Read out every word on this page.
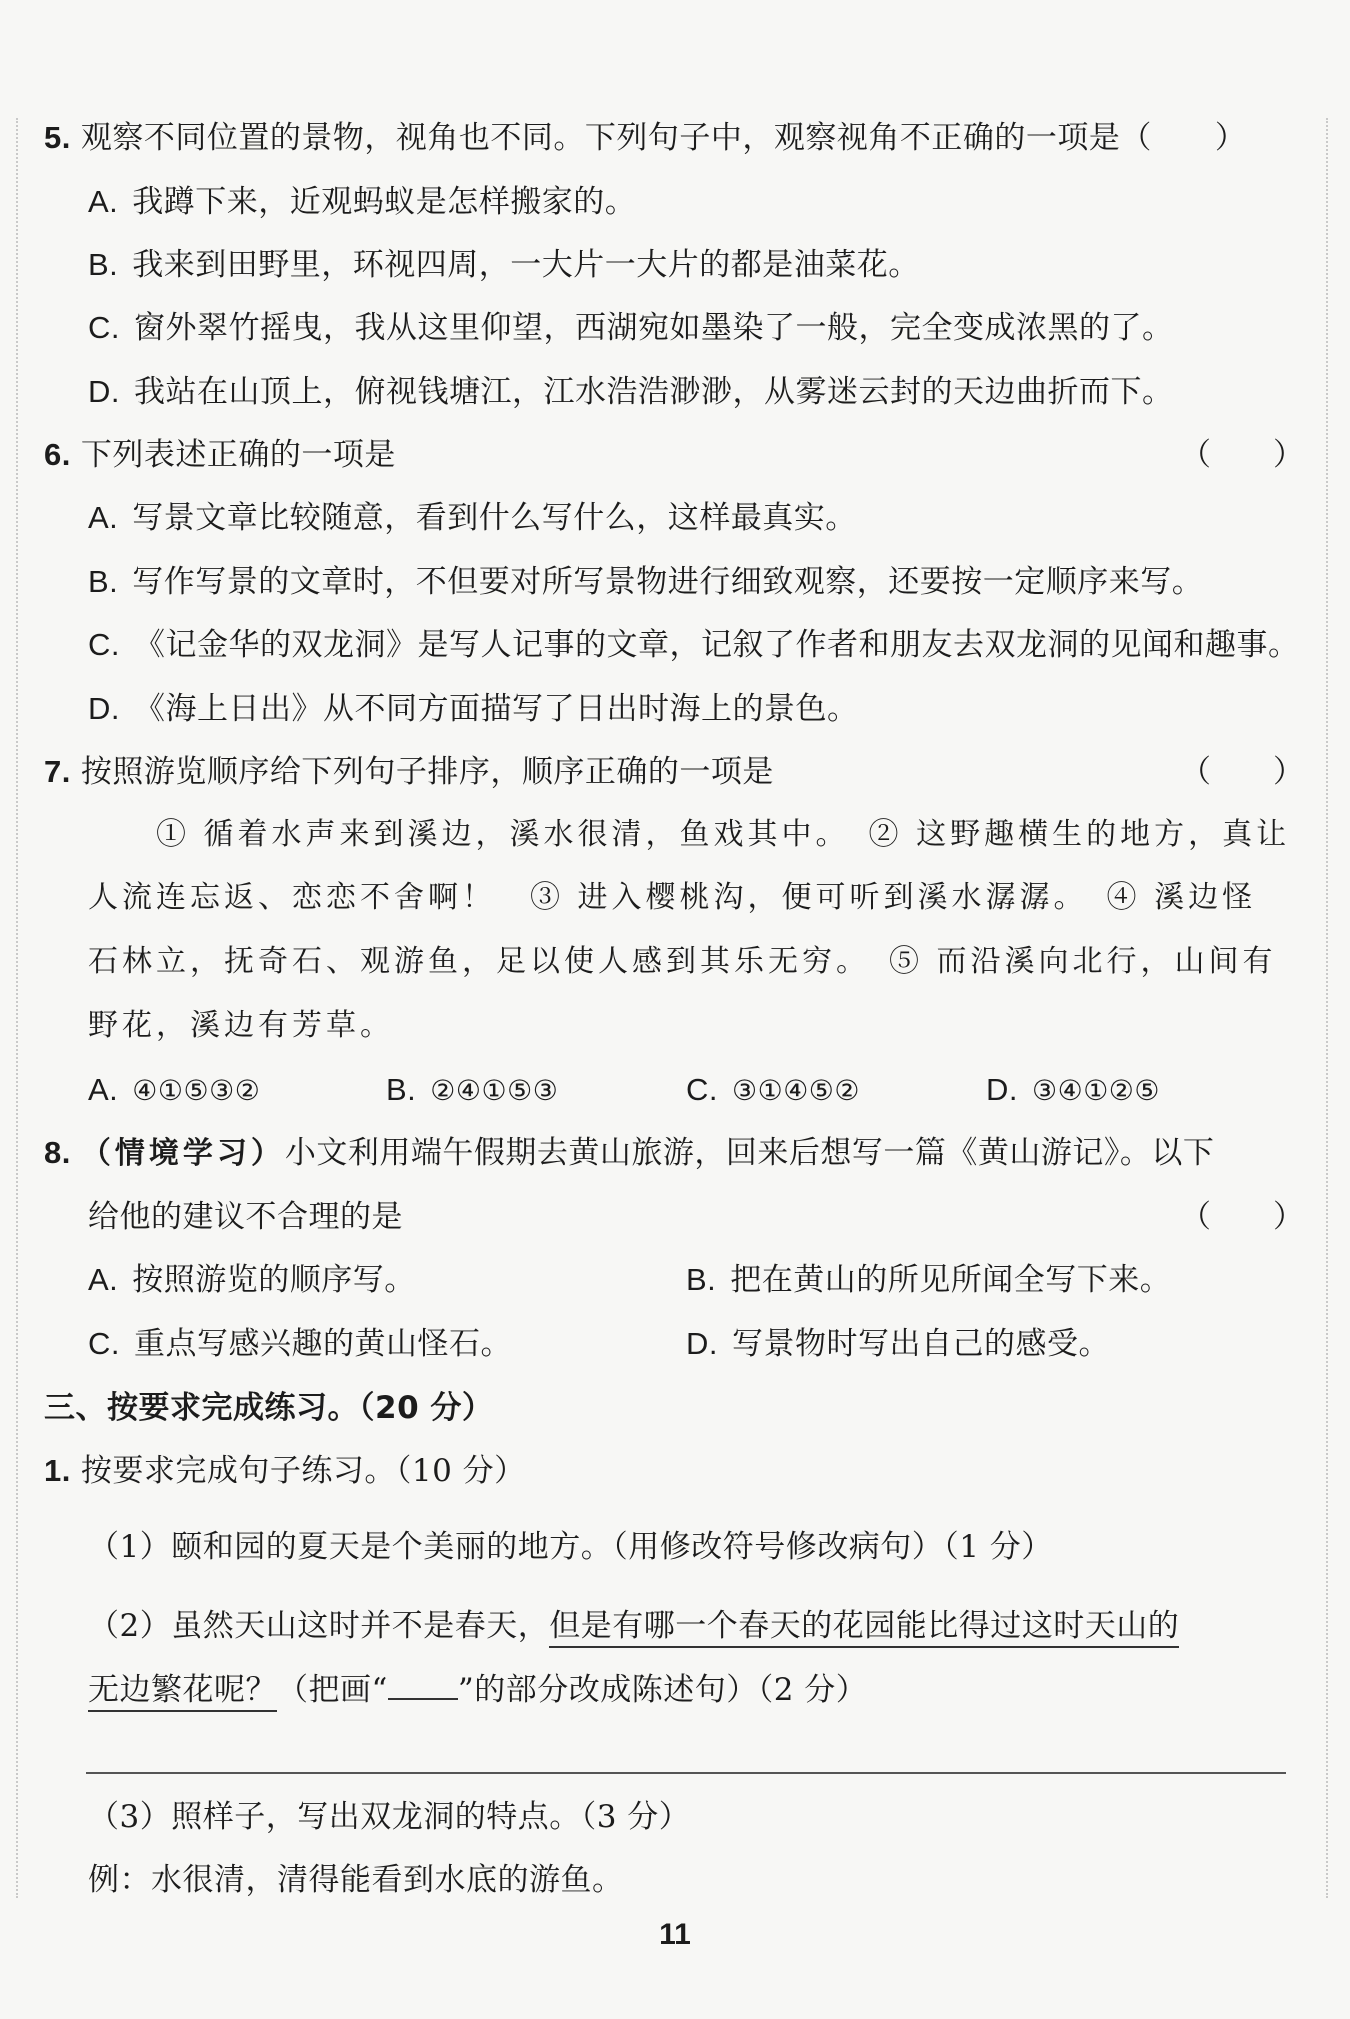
5. 观察不同位置的景物，视角也不同。下列句子中，观察视角不正确的一项是（　　）
A. 我蹲下来，近观蚂蚁是怎样搬家的。
B. 我来到田野里，环视四周，一大片一大片的都是油菜花。
C. 窗外翠竹摇曳，我从这里仰望，西湖宛如墨染了一般，完全变成浓黑的了。
D. 我站在山顶上，俯视钱塘江，江水浩浩渺渺，从雾迷云封的天边曲折而下。
6. 下列表述正确的一项是	（　　）
A. 写景文章比较随意，看到什么写什么，这样最真实。
B. 写作写景的文章时，不但要对所写景物进行细致观察，还要按一定顺序来写。
C. 《记金华的双龙洞》是写人记事的文章，记叙了作者和朋友去双龙洞的见闻和趣事。
D. 《海上日出》从不同方面描写了日出时海上的景色。
7. 按照游览顺序给下列句子排序，顺序正确的一项是	（　　）
① 循着水声来到溪边，溪水很清，鱼戏其中。　② 这野趣横生的地方，真让
人流连忘返、恋恋不舍啊！　③ 进入樱桃沟，便可听到溪水潺潺。　④ 溪边怪
石林立，抚奇石、观游鱼，足以使人感到其乐无穷。　⑤ 而沿溪向北行，山间有
野花，溪边有芳草。
A. ④①⑤③②	B. ②④①⑤③	C. ③①④⑤②	D. ③④①②⑤
8. （情境学习）小文利用端午假期去黄山旅游，回来后想写一篇《黄山游记》。以下
给他的建议不合理的是	（　　）
A. 按照游览的顺序写。	B. 把在黄山的所见所闻全写下来。
C. 重点写感兴趣的黄山怪石。	D. 写景物时写出自己的感受。
三、按要求完成练习。（20 分）
1. 按要求完成句子练习。（10 分）
（1）颐和园的夏天是个美丽的地方。（用修改符号修改病句）（1 分）
（2）虽然天山这时并不是春天，但是有哪一个春天的花园能比得过这时天山的
无边繁花呢？（把画“ ”的部分改成陈述句）（2 分）
（3）照样子，写出双龙洞的特点。（3 分）
例：水很清，清得能看到水底的游鱼。
11
